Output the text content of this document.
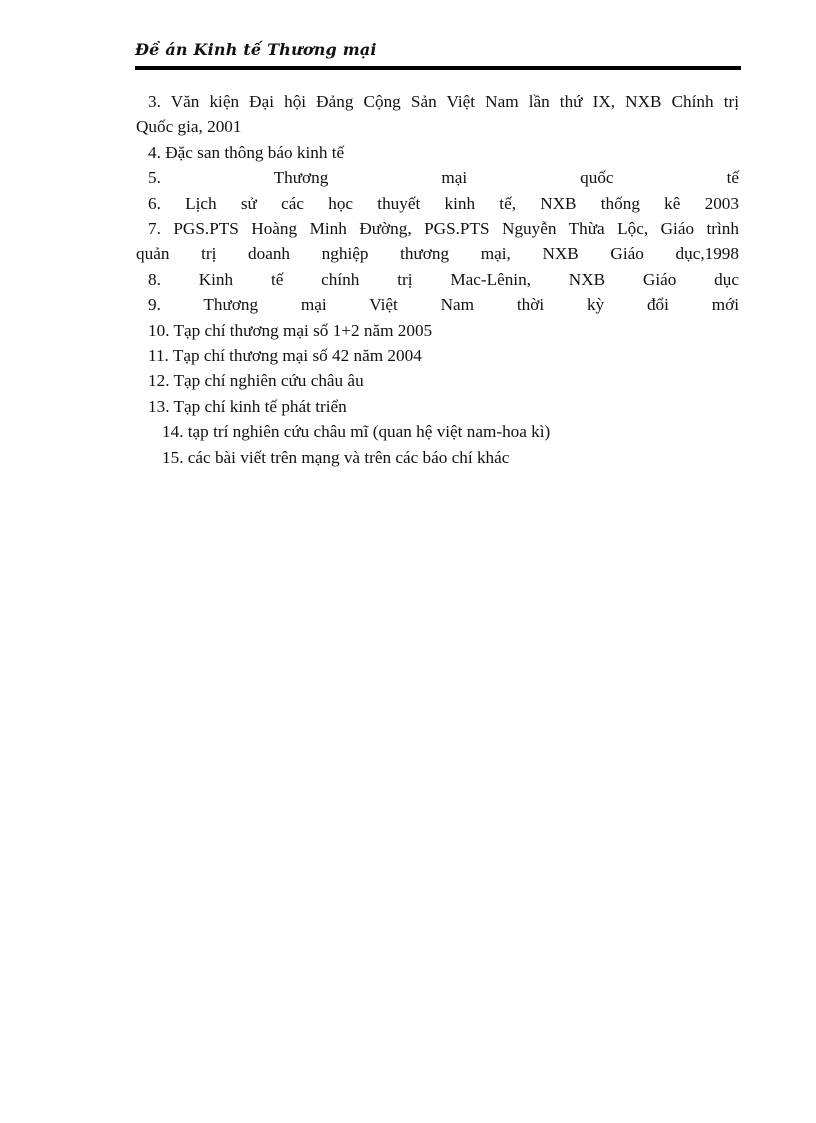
Đề án Kinh tế Thương mại

3. Văn kiện Đại hội Đảng Cộng Sản Việt Nam lần thứ IX, NXB Chính trị

Quốc gia, 2001

4. Đặc san thông báo kinh tế

5. Thương mại quốc tế

6. Lịch sử các học thuyết kinh tế, NXB thống kê 2003

7. PGS.PTS Hoàng Minh Đường, PGS.PTS Nguyễn Thừa Lộc, Giáo trình

quản trị doanh nghiệp thương mại, NXB Giáo dục,1998

8. Kinh tế chính trị Mac-Lênin, NXB Giáo dục

9. Thương mại Việt Nam thời kỳ đổi mới

10. Tạp chí thương mại số 1+2 năm 2005

11. Tạp chí thương mại số 42 năm 2004

12. Tạp chí nghiên cứu châu âu

13. Tạp chí kinh tế phát triển

14. tạp trí nghiên cứu châu mĩ (quan hệ việt nam-hoa kì)

15. các bài viết trên mạng và trên các báo chí khác
